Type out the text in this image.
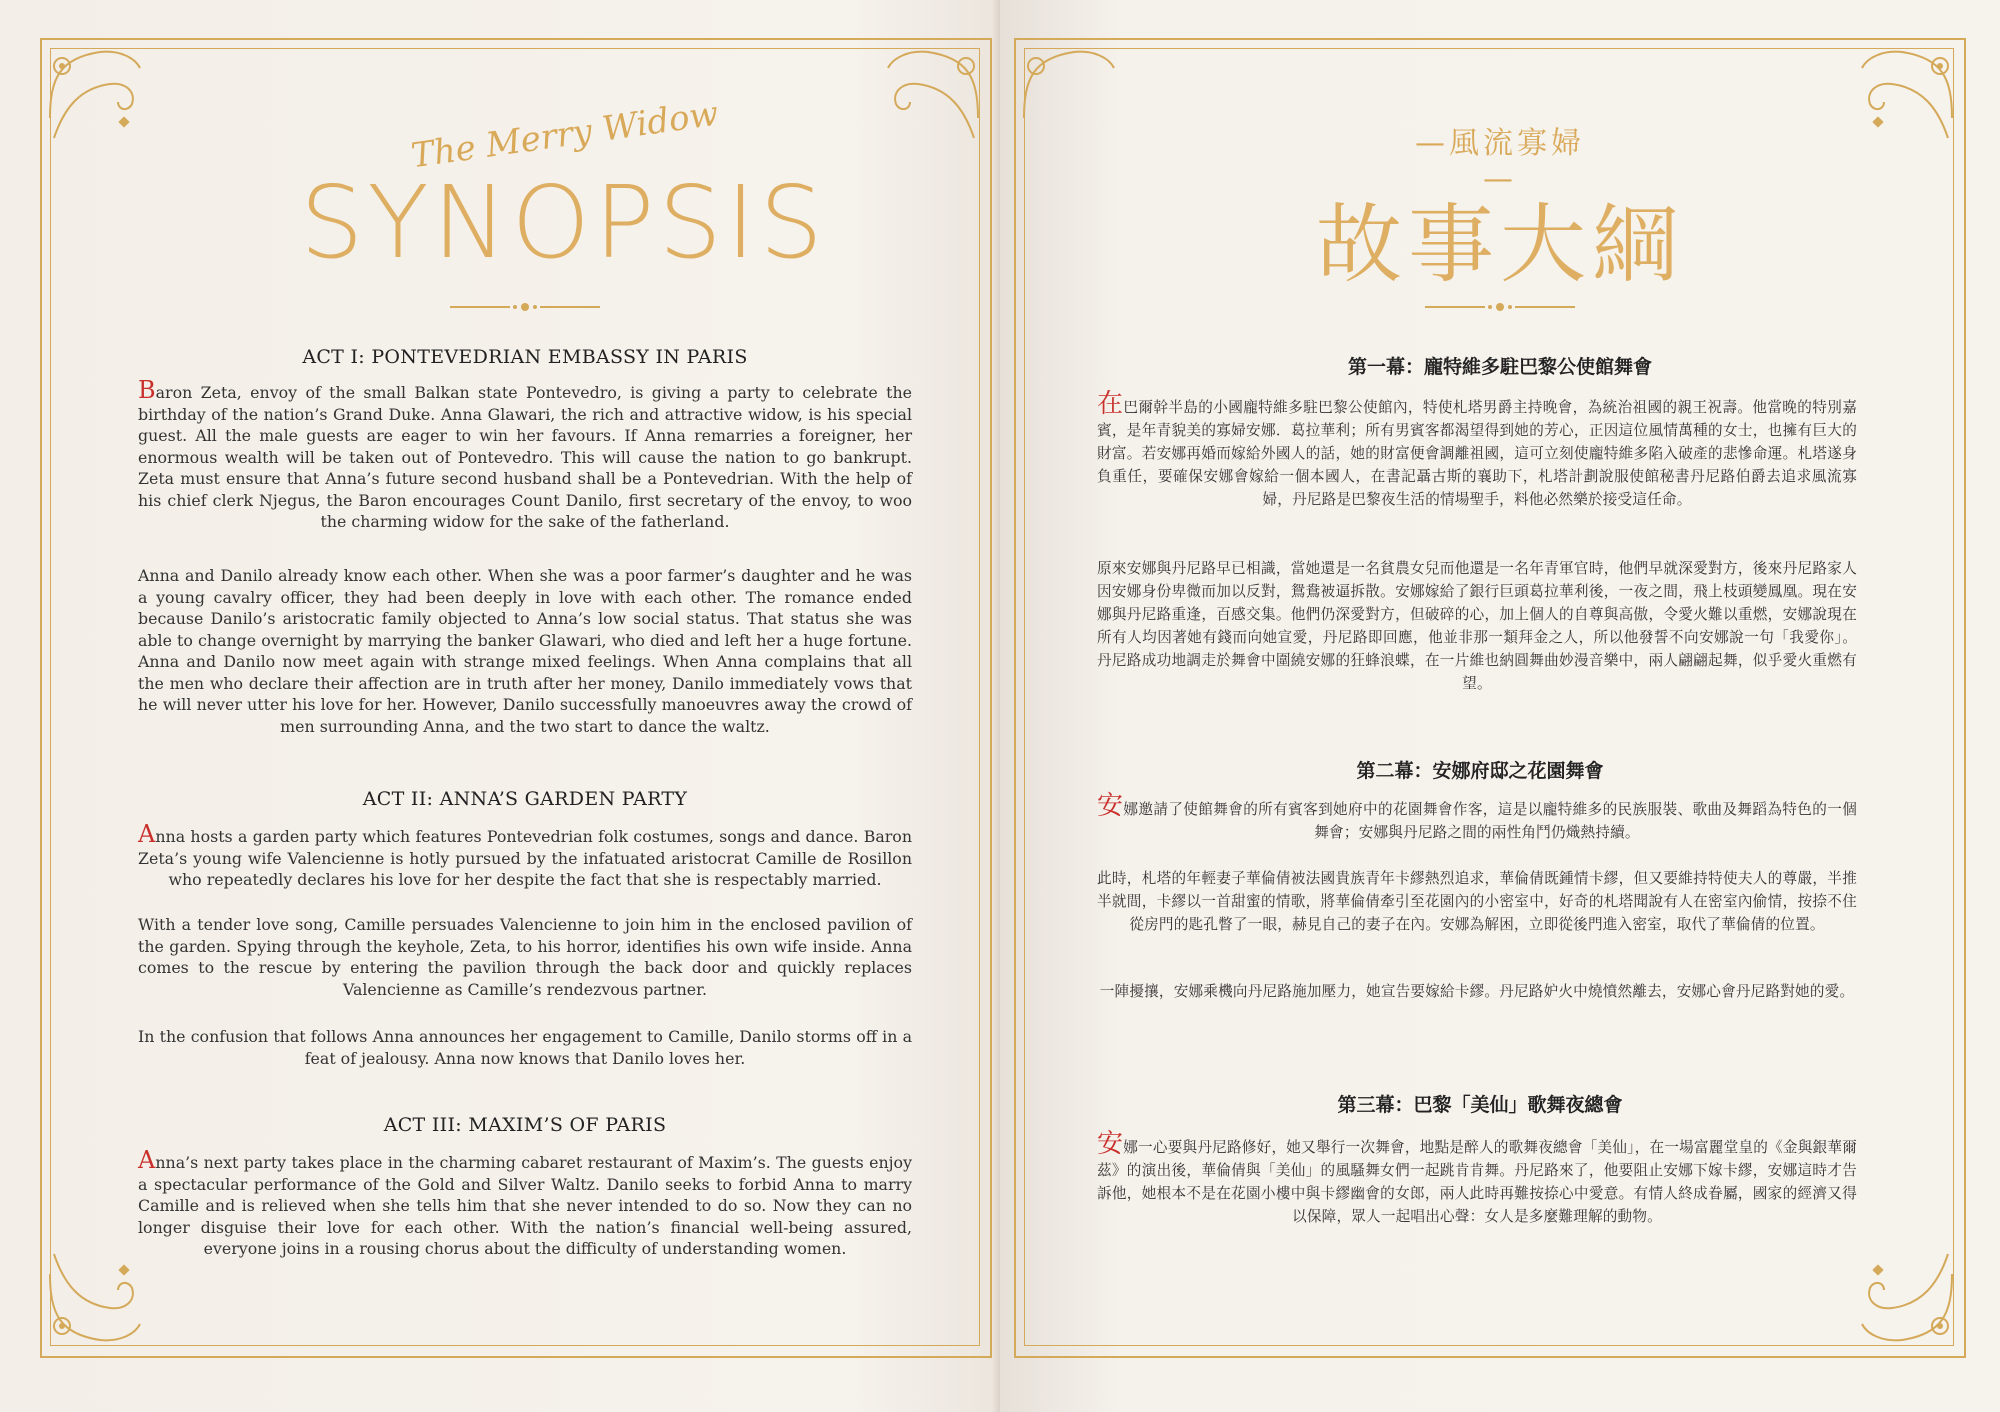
The Merry Widow
SYNOPSIS
ACT I: PONTEVEDRIAN EMBASSY IN PARIS
Baron Zeta, envoy of the small Balkan state Pontevedro, is giving a party to celebrate the birthday of the nation’s Grand Duke. Anna Glawari, the rich and attractive widow, is his special guest. All the male guests are eager to win her favours. If Anna remarries a foreigner, her enormous wealth will be taken out of Pontevedro. This will cause the nation to go bankrupt. Zeta must ensure that Anna’s future second husband shall be a Pontevedrian. With the help of his chief clerk Njegus, the Baron encourages Count Danilo, first secretary of the envoy, to woo the charming widow for the sake of the fatherland.
Anna and Danilo already know each other. When she was a poor farmer’s daughter and he was a young cavalry officer, they had been deeply in love with each other. The romance ended because Danilo’s aristocratic family objected to Anna’s low social status. That status she was able to change overnight by marrying the banker Glawari, who died and left her a huge fortune. Anna and Danilo now meet again with strange mixed feelings. When Anna complains that all the men who declare their affection are in truth after her money, Danilo immediately vows that he will never utter his love for her. However, Danilo successfully manoeuvres away the crowd of men surrounding Anna, and the two start to dance the waltz.
ACT II: ANNA’S GARDEN PARTY
Anna hosts a garden party which features Pontevedrian folk costumes, songs and dance. Baron Zeta’s young wife Valencienne is hotly pursued by the infatuated aristocrat Camille de Rosillon who repeatedly declares his love for her despite the fact that she is respectably married.
With a tender love song, Camille persuades Valencienne to join him in the enclosed pavilion of the garden. Spying through the keyhole, Zeta, to his horror, identifies his own wife inside. Anna comes to the rescue by entering the pavilion through the back door and quickly replaces Valencienne as Camille’s rendezvous partner.
In the confusion that follows Anna announces her engagement to Camille, Danilo storms off in a feat of jealousy. Anna now knows that Danilo loves her.
ACT III: MAXIM’S OF PARIS
Anna’s next party takes place in the charming cabaret restaurant of Maxim’s. The guests enjoy a spectacular performance of the Gold and Silver Waltz. Danilo seeks to forbid Anna to marry Camille and is relieved when she tells him that she never intended to do so. Now they can no longer disguise their love for each other. With the nation’s financial well-being assured, everyone joins in a rousing chorus about the difficulty of understanding women.
—風流寡婦—
故事大綱
第一幕：龐特維多駐巴黎公使館舞會
在巴爾幹半島的小國龐特維多駐巴黎公使館內，特使札塔男爵主持晚會，為統治祖國的親王祝壽。他當晚的特別嘉賓，是年青貌美的寡婦安娜．葛拉華利；所有男賓客都渴望得到她的芳心，正因這位風情萬種的女士，也擁有巨大的財富。若安娜再婚而嫁給外國人的話，她的財富便會調離祖國，這可立刻使龐特維多陷入破產的悲慘命運。札塔遂身負重任，要確保安娜會嫁給一個本國人，在書記聶古斯的襄助下，札塔計劃說服使館秘書丹尼路伯爵去追求風流寡婦，丹尼路是巴黎夜生活的情場聖手，料他必然樂於接受這任命。
原來安娜與丹尼路早已相識，當她還是一名貧農女兒而他還是一名年青軍官時，他們早就深愛對方，後來丹尼路家人因安娜身份卑微而加以反對，鴛鴦被逼拆散。安娜嫁給了銀行巨頭葛拉華利後，一夜之間，飛上枝頭變鳳凰。現在安娜與丹尼路重逢，百感交集。他們仍深愛對方，但破碎的心，加上個人的自尊與高傲，令愛火難以重燃，安娜說現在所有人均因著她有錢而向她宣愛，丹尼路即回應，他並非那一類拜金之人，所以他發誓不向安娜說一句「我愛你」。丹尼路成功地調走於舞會中圍繞安娜的狂蜂浪蝶，在一片維也納圓舞曲妙漫音樂中，兩人翩翩起舞，似乎愛火重燃有望。
第二幕：安娜府邸之花園舞會
安娜邀請了使館舞會的所有賓客到她府中的花園舞會作客，這是以龐特維多的民族服裝、歌曲及舞蹈為特色的一個舞會；安娜與丹尼路之間的兩性角鬥仍熾熱持續。
此時，札塔的年輕妻子華倫倩被法國貴族青年卡繆熱烈追求，華倫倩既鍾情卡繆，但又要維持特使夫人的尊嚴，半推半就間，卡繆以一首甜蜜的情歌，將華倫倩牽引至花園內的小密室中，好奇的札塔聞說有人在密室內偷情，按捺不住從房門的匙孔瞥了一眼，赫見自己的妻子在內。安娜為解困，立即從後門進入密室，取代了華倫倩的位置。
一陣擾攘，安娜乘機向丹尼路施加壓力，她宣告要嫁給卡繆。丹尼路妒火中燒憤然離去，安娜心會丹尼路對她的愛。
第三幕：巴黎「美仙」歌舞夜總會
安娜一心要與丹尼路修好，她又舉行一次舞會，地點是醉人的歌舞夜總會「美仙」，在一場富麗堂皇的《金與銀華爾茲》的演出後，華倫倩與「美仙」的風騷舞女們一起跳肯肯舞。丹尼路來了，他要阻止安娜下嫁卡繆，安娜這時才告訴他，她根本不是在花園小樓中與卡繆幽會的女郎，兩人此時再難按捺心中愛意。有情人終成眷屬，國家的經濟又得以保障，眾人一起唱出心聲：女人是多麼難理解的動物。
